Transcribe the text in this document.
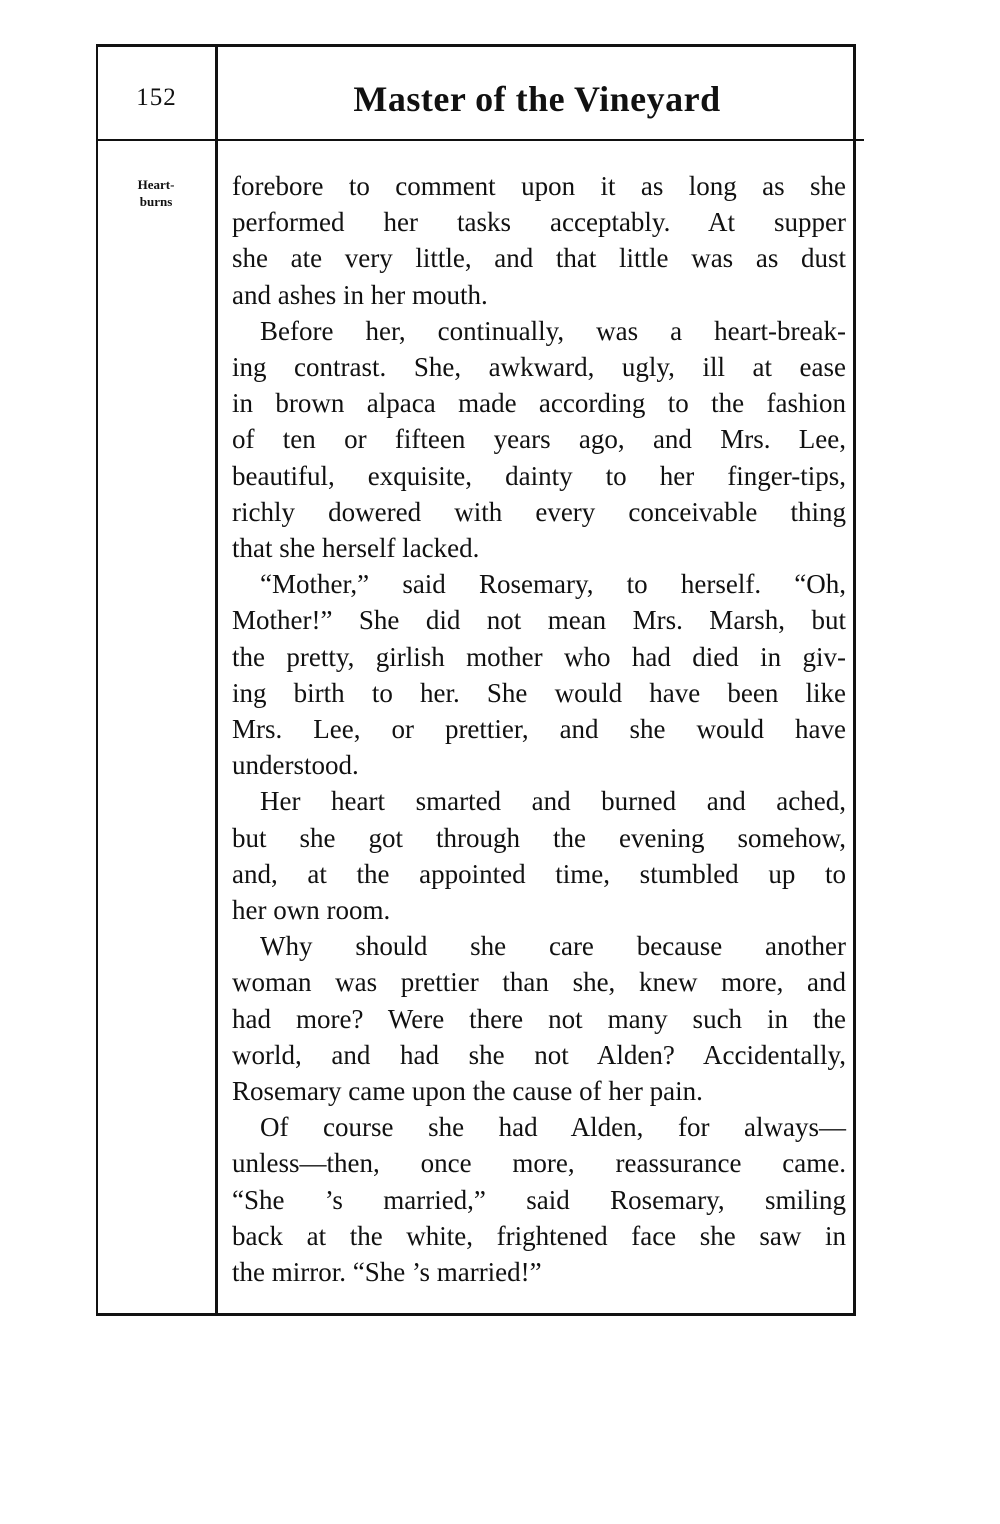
152	Master of the Vineyard
Heart-
burns
forebore to comment upon it as long as she
performed her tasks acceptably. At supper
she ate very little, and that little was as dust
and ashes in her mouth.
Before her, continually, was a heart-break-
ing contrast. She, awkward, ugly, ill at ease
in brown alpaca made according to the fashion
of ten or fifteen years ago, and Mrs. Lee,
beautiful, exquisite, dainty to her finger-tips,
richly dowered with every conceivable thing
that she herself lacked.
“Mother,” said Rosemary, to herself. “Oh,
Mother!” She did not mean Mrs. Marsh, but
the pretty, girlish mother who had died in giv-
ing birth to her. She would have been like
Mrs. Lee, or prettier, and she would have
understood.
Her heart smarted and burned and ached,
but she got through the evening somehow,
and, at the appointed time, stumbled up to
her own room.
Why should she care because another
woman was prettier than she, knew more, and
had more? Were there not many such in the
world, and had she not Alden? Accidentally,
Rosemary came upon the cause of her pain.
Of course she had Alden, for always—
unless—then, once more, reassurance came.
“She ’s married,” said Rosemary, smiling
back at the white, frightened face she saw in
the mirror. “She ’s married!”
